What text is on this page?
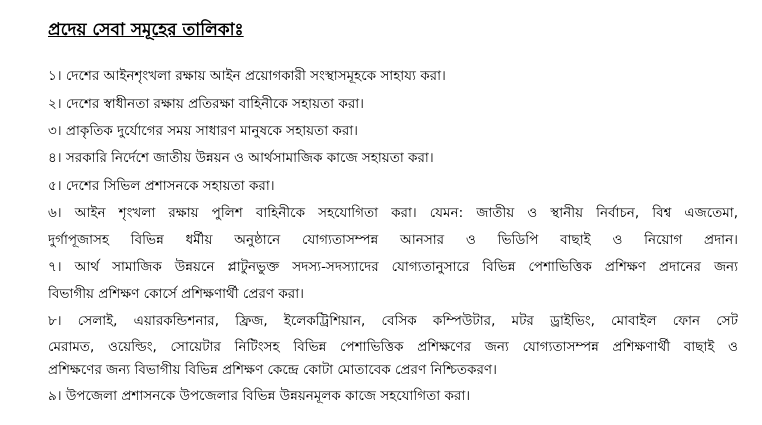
প্রদেয় সেবা সমূহের তালিকাঃ
১। দেশের আইনশৃংখলা রক্ষায় আইন প্রয়োগকারী সংস্থাসমূহকে সাহায্য করা।
২। দেশের স্বাধীনতা রক্ষায় প্রতিরক্ষা বাহিনীকে সহায়তা করা।
৩। প্রাকৃতিক দুর্যোগের সময় সাধারণ মানুষকে সহায়তা করা।
৪। সরকারি নির্দেশে জাতীয় উন্নয়ন ও আর্থসামাজিক কাজে সহায়তা করা।
৫। দেশের সিভিল প্রশাসনকে সহায়তা করা।
৬। আইন শৃংখলা রক্ষায় পুলিশ বাহিনীকে সহযোগিতা করা। যেমন: জাতীয় ও স্থানীয় নির্বাচন, বিশ্ব এজতেমা,
দুর্গাপূজাসহ বিভিন্ন ধর্মীয় অনুষ্ঠানে যোগ্যতাসম্পন্ন আনসার ও ভিডিপি বাছাই ও নিয়োগ প্রদান।
৭। আর্থ সামাজিক উন্নয়নে প্লাটুনভুক্ত সদস্য-সদস্যাদের যোগ্যতানুসারে বিভিন্ন পেশাভিত্তিক প্রশিক্ষণ প্রদানের জন্য
বিভাগীয় প্রশিক্ষণ কোর্সে প্রশিক্ষণার্থী প্রেরণ করা।
৮। সেলাই, এয়ারকন্ডিশনার, ফ্রিজ, ইলেকট্রিশিয়ান, বেসিক কম্পিউটার, মটর ড্রাইভিং, মোবাইল ফোন সেট
মেরামত, ওয়েল্ডিং, সোয়েটার নিটিংসহ বিভিন্ন পেশাভিত্তিক প্রশিক্ষণের জন্য যোগ্যতাসম্পন্ন প্রশিক্ষণার্থী বাছাই ও
প্রশিক্ষণের জন্য বিভাগীয় বিভিন্ন প্রশিক্ষণ কেন্দ্রে কোটা মোতাবেক প্রেরণ নিশ্চিতকরণ।
৯। উপজেলা প্রশাসনকে উপজেলার বিভিন্ন উন্নয়নমূলক কাজে সহযোগিতা করা।
